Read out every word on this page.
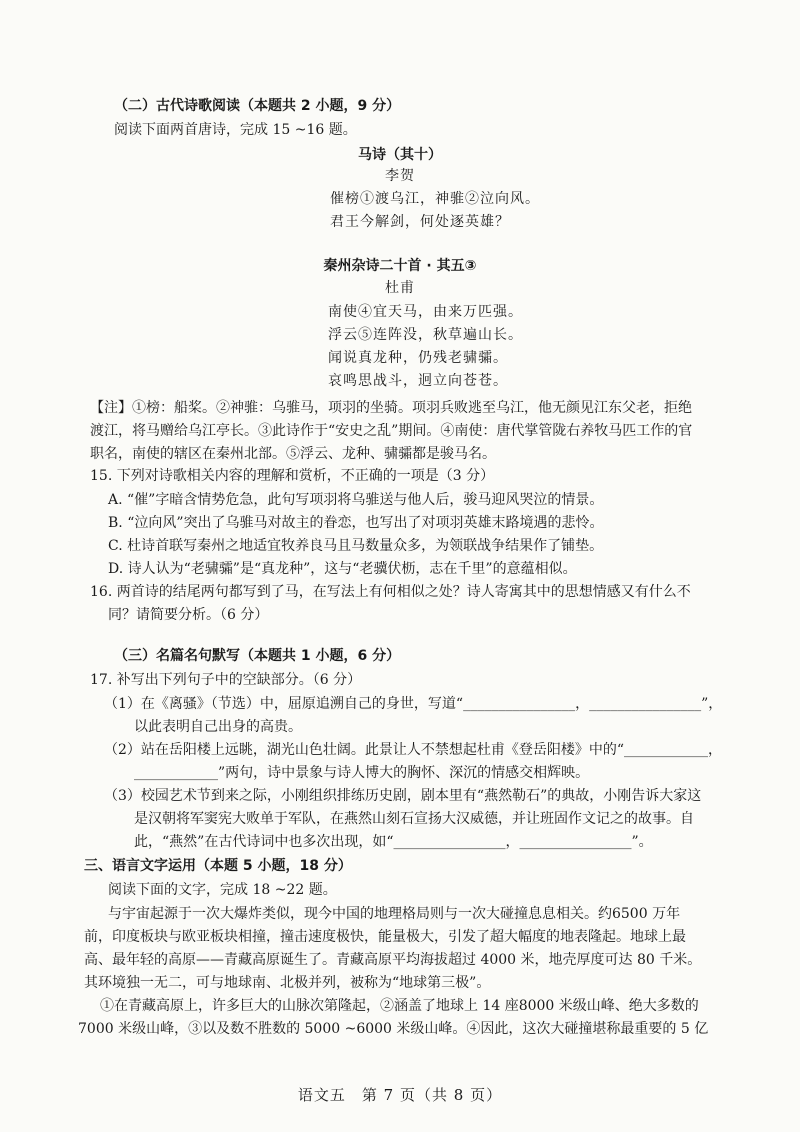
（二）古代诗歌阅读（本题共 2 小题，9 分）
阅读下面两首唐诗，完成 15 ~16 题。
马诗（其十）
李贺
催榜①渡乌江，神骓②泣向风。
君王今解剑，何处逐英雄？
秦州杂诗二十首 · 其五③
杜甫
南使④宜天马，由来万匹强。
浮云⑤连阵没，秋草遍山长。
闻说真龙种，仍残老骕骦。
哀鸣思战斗，迥立向苍苍。
【注】①榜：船桨。②神骓：乌骓马，项羽的坐骑。项羽兵败逃至乌江，他无颜见江东父老，拒绝
渡江，将马赠给乌江亭长。③此诗作于“安史之乱”期间。④南使：唐代掌管陇右养牧马匹工作的官
职名，南使的辖区在秦州北部。⑤浮云、龙种、骕骦都是骏马名。
15. 下列对诗歌相关内容的理解和赏析，不正确的一项是（3 分）
A. “催”字暗含情势危急，此句写项羽将乌骓送与他人后，骏马迎风哭泣的情景。
B. “泣向风”突出了乌骓马对故主的眷恋，也写出了对项羽英雄末路境遇的悲怜。
C. 杜诗首联写秦州之地适宜牧养良马且马数量众多，为领联战争结果作了铺垫。
D. 诗人认为“老骕骦”是“真龙种”，这与“老骥伏枥，志在千里”的意蕴相似。
16. 两首诗的结尾两句都写到了马，在写法上有何相似之处？诗人寄寓其中的思想情感又有什么不
同？请简要分析。（6 分）
（三）名篇名句默写（本题共 1 小题，6 分）
17. 补写出下列句子中的空缺部分。（6 分）
（1）在《离骚》（节选）中，屈原追溯自己的身世，写道“________________，________________”，
以此表明自己出身的高贵。
（2）站在岳阳楼上远眺，湖光山色壮阔。此景让人不禁想起杜甫《登岳阳楼》中的“____________，
____________”两句，诗中景象与诗人博大的胸怀、深沉的情感交相辉映。
（3）校园艺术节到来之际，小刚组织排练历史剧，剧本里有“燕然勒石”的典故，小刚告诉大家这
是汉朝将军窦宪大败单于军队，在燕然山刻石宣扬大汉威德，并让班固作文记之的故事。自
此，“燕然”在古代诗词中也多次出现，如“________________，________________”。
三、语言文字运用（本题 5 小题，18 分）
阅读下面的文字，完成 18 ~22 题。
与宇宙起源于一次大爆炸类似，现今中国的地理格局则与一次大碰撞息息相关。约6500 万年
前，印度板块与欧亚板块相撞，撞击速度极快，能量极大，引发了超大幅度的地表隆起。地球上最
高、最年轻的高原——青藏高原诞生了。青藏高原平均海拔超过 4000 米，地壳厚度可达 80 千米。
其环境独一无二，可与地球南、北极并列，被称为“地球第三极”。
①在青藏高原上，许多巨大的山脉次第隆起，②涵盖了地球上 14 座8000 米级山峰、绝大多数的
7000 米级山峰，③以及数不胜数的 5000 ~6000 米级山峰。④因此，这次大碰撞堪称最重要的 5 亿
语文五　第 7 页（共 8 页）
